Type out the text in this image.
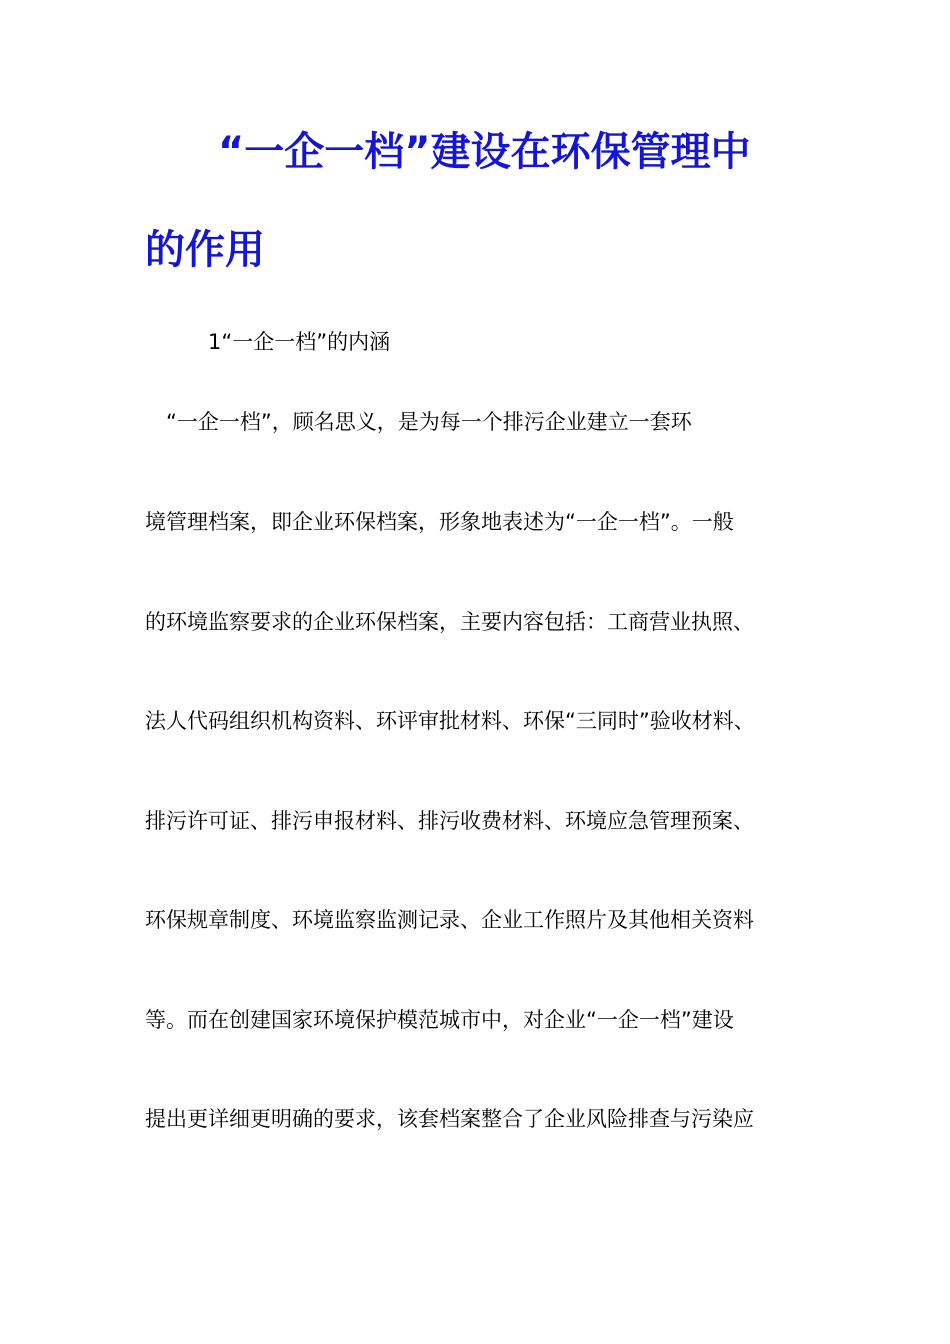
“一企一档”建设在环保管理中
的作用
1“一企一档”的内涵
　“一企一档”，顾名思义，是为每一个排污企业建立一套环
境管理档案，即企业环保档案，形象地表述为“一企一档”。一般
的环境监察要求的企业环保档案，主要内容包括：工商营业执照、
法人代码组织机构资料、环评审批材料、环保“三同时”验收材料、
排污许可证、排污申报材料、排污收费材料、环境应急管理预案、
环保规章制度、环境监察监测记录、企业工作照片及其他相关资料
等。而在创建国家环境保护模范城市中，对企业“一企一档”建设
提出更详细更明确的要求，该套档案整合了企业风险排查与污染应
